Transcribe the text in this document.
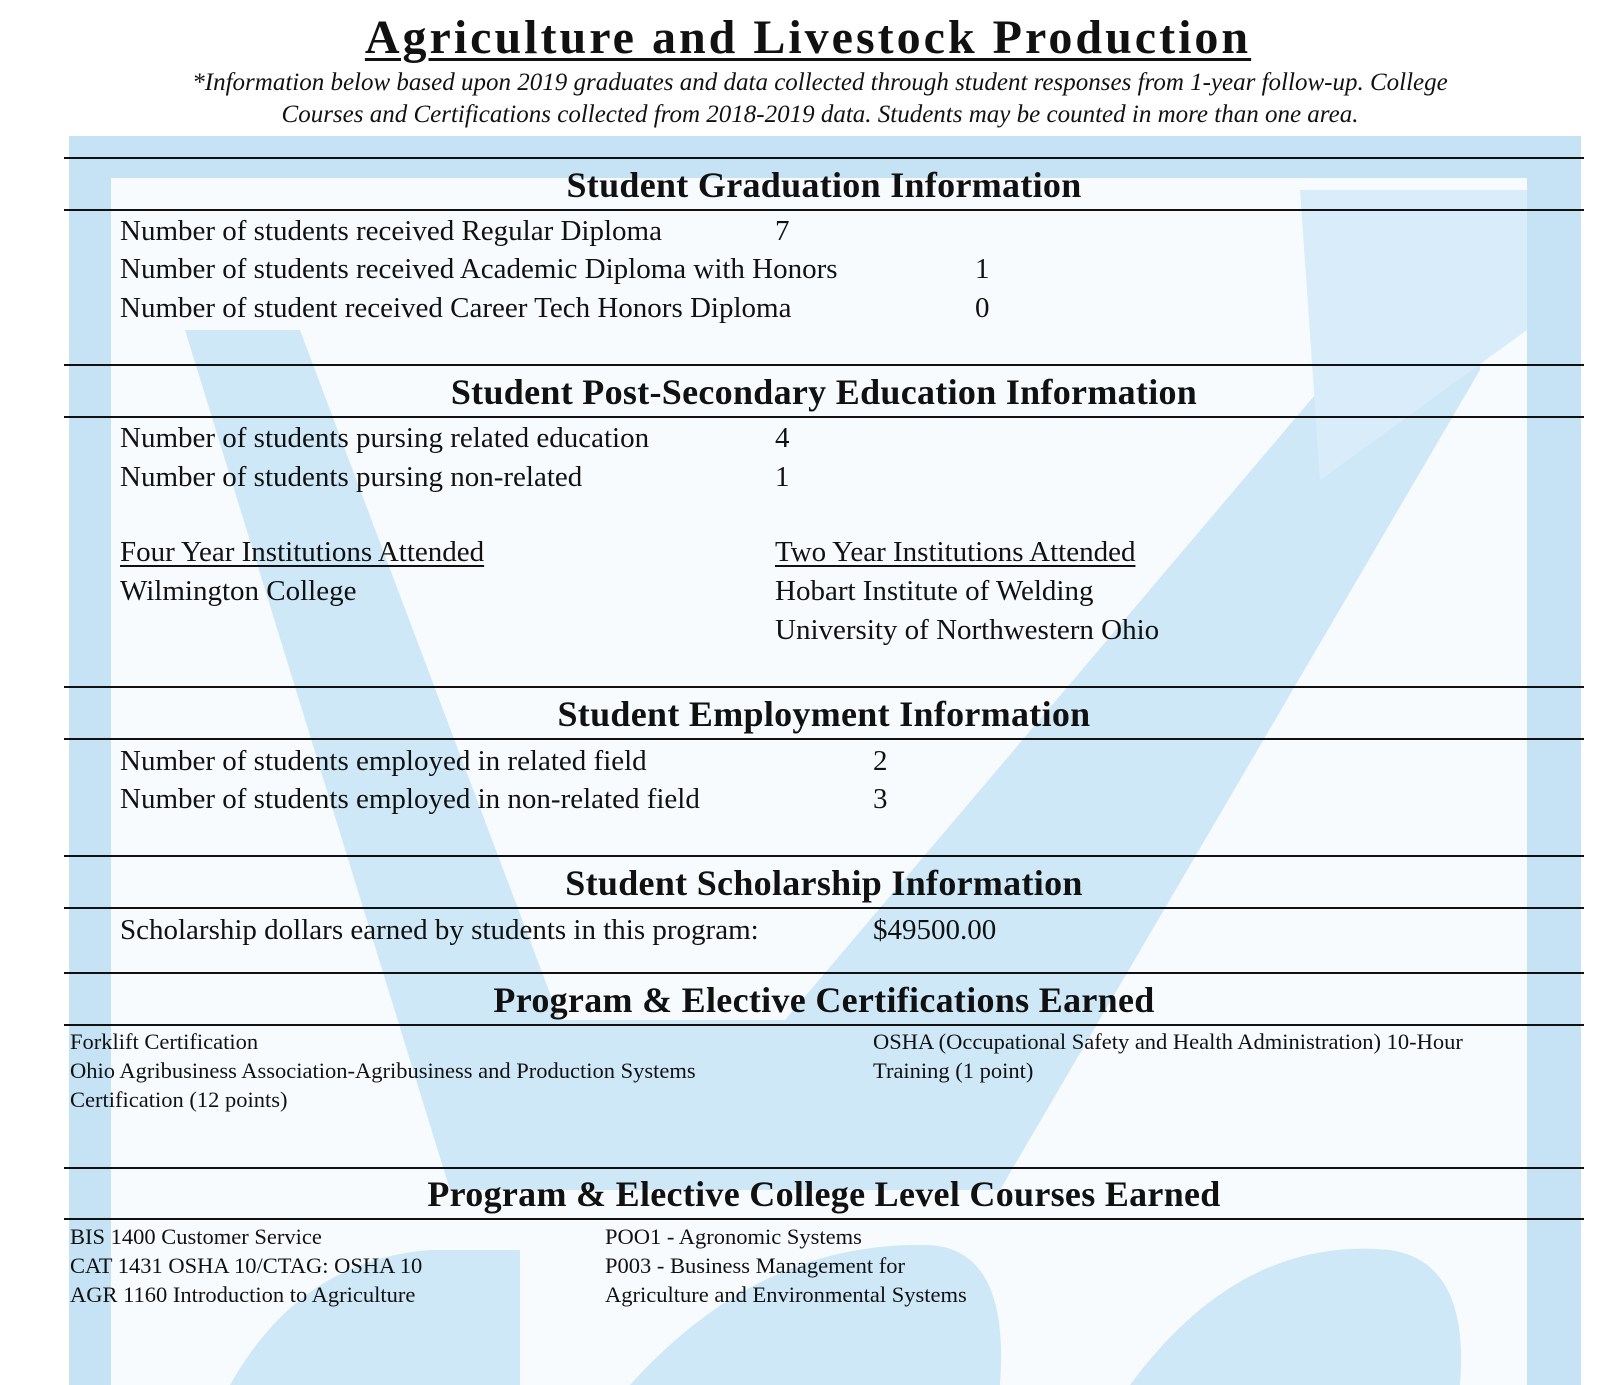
Agriculture and Livestock Production
*Information below based upon 2019 graduates and data collected through student responses from 1-year follow-up. College
Courses and Certifications collected from 2018-2019 data. Students may be counted in more than one area.
Student Graduation Information
Number of students received Regular Diploma	7
Number of students received Academic Diploma with Honors	1
Number of student received Career Tech Honors Diploma	0
Student Post-Secondary Education Information
Number of students pursing related education	4
Number of students pursing non-related	1
Four Year Institutions Attended
Wilmington College
Two Year Institutions Attended
Hobart Institute of Welding
University of Northwestern Ohio
Student Employment Information
Number of students employed in related field	2
Number of students employed in non-related field	3
Student Scholarship Information
Scholarship dollars earned by students in this program:	$49500.00
Program & Elective Certifications Earned
Forklift Certification
Ohio Agribusiness Association-Agribusiness and Production Systems
Certification (12 points)
OSHA (Occupational Safety and Health Administration) 10-Hour
Training (1 point)
Program & Elective College Level Courses Earned
BIS 1400 Customer Service
CAT 1431 OSHA 10/CTAG: OSHA 10
AGR 1160 Introduction to Agriculture
POO1 - Agronomic Systems
P003 - Business Management for
Agriculture and Environmental Systems
